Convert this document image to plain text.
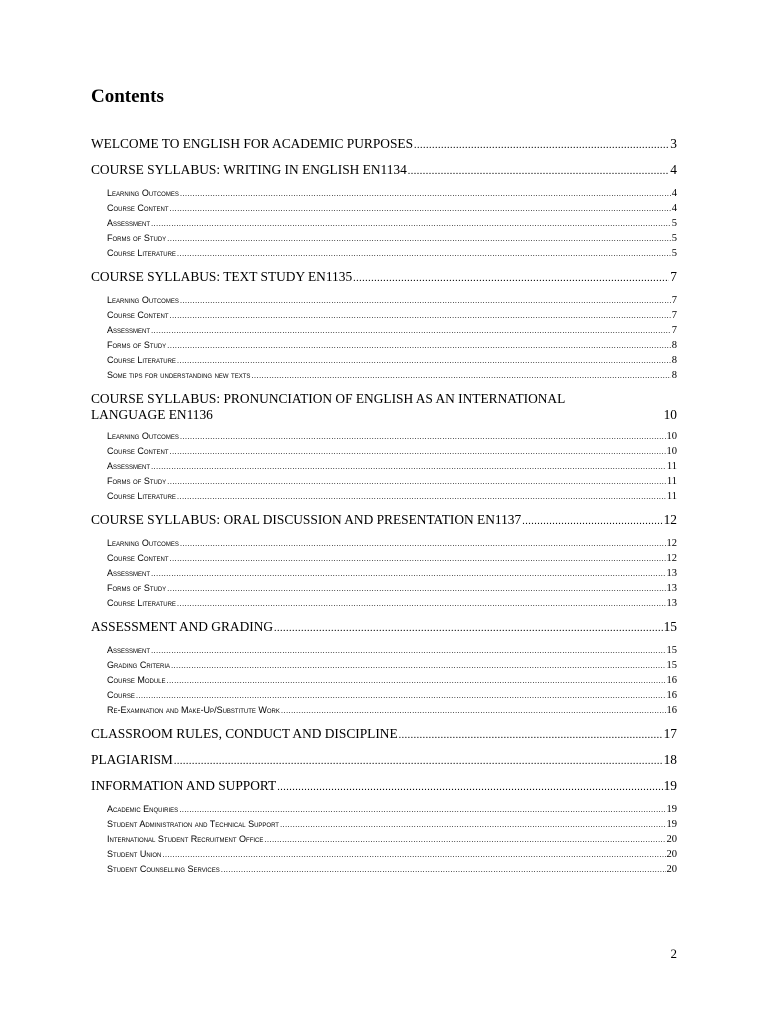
Contents
WELCOME TO ENGLISH FOR ACADEMIC PURPOSES .....	3
COURSE SYLLABUS: WRITING IN ENGLISH EN1134 .....	4
Learning Outcomes .....	4
Course Content .....	4
Assessment .....	5
Forms of Study .....	5
Course Literature .....	5
COURSE SYLLABUS: TEXT STUDY EN1135 .....	7
Learning Outcomes .....	7
Course Content .....	7
Assessment .....	7
Forms of Study .....	8
Course Literature .....	8
Some tips for understanding new texts .....	8
COURSE SYLLABUS: PRONUNCIATION OF ENGLISH AS AN INTERNATIONAL
LANGUAGE EN1136	10
Learning Outcomes .....	10
Course Content .....	10
Assessment .....	11
Forms of Study .....	11
Course Literature .....	11
COURSE SYLLABUS: ORAL DISCUSSION AND PRESENTATION EN1137 .....	12
Learning Outcomes .....	12
Course Content .....	12
Assessment .....	13
Forms of Study .....	13
Course Literature .....	13
ASSESSMENT AND GRADING .....	15
Assessment .....	15
Grading Criteria .....	15
Course Module .....	16
Course .....	16
Re-Examination and Make-Up/Substitute Work .....	16
CLASSROOM RULES, CONDUCT AND DISCIPLINE .....	17
PLAGIARISM .....	18
INFORMATION AND SUPPORT .....	19
Academic Enquiries .....	19
Student Administration and Technical Support .....	19
International Student Recruitment Office .....	20
Student Union .....	20
Student Counselling Services .....	20
2
